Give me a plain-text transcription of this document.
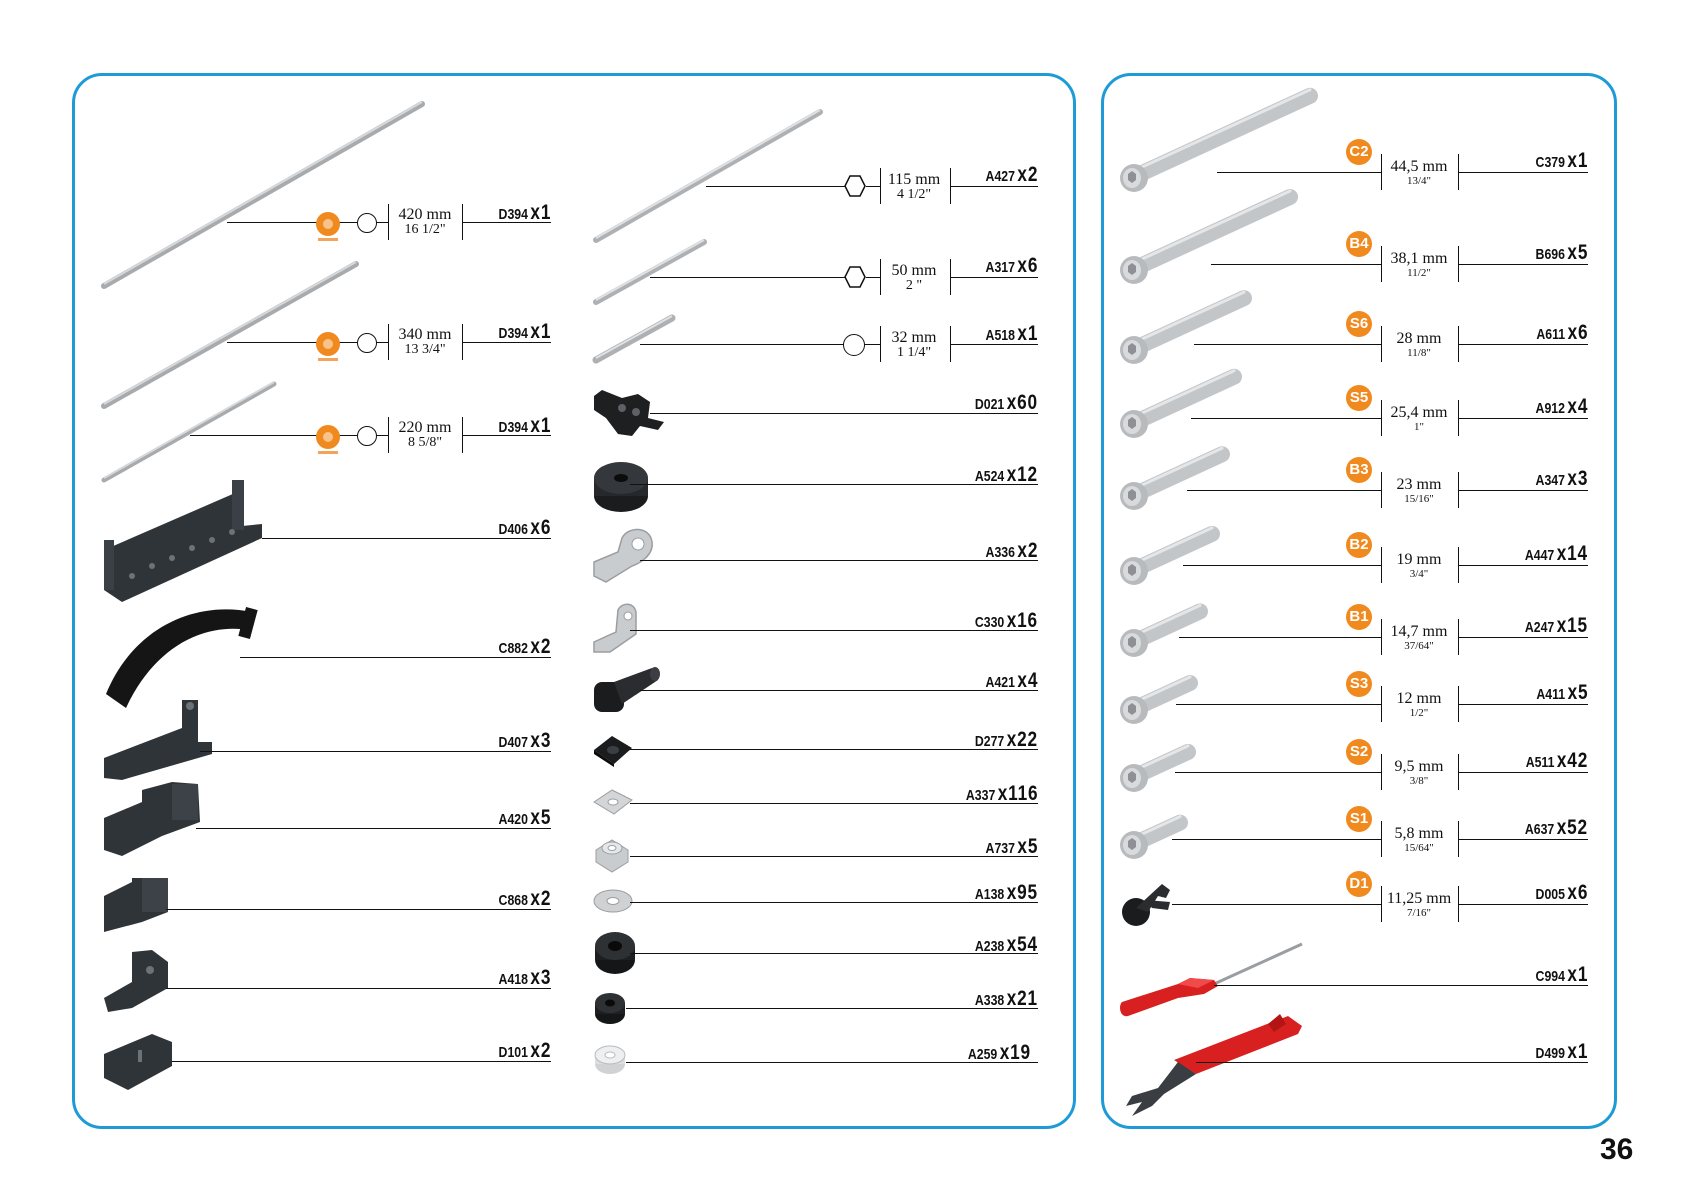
420 mm
16 1/2"
D394 x1
340 mm
13 3/4"
D394 x1
220 mm
8 5/8"
D394 x1
D406 x6
C882 x2
D407 x3
A420 x5
C868 x2
A418 x3
D101 x2
115 mm
4 1/2"
A427 x2
50 mm
2 "
A317 x6
32 mm
1 1/4"
A518 x1
D021 x60
A524 x12
A336 x2
C330 x16
A421 x4
D277 x22
A337 x116
A737 x5
A138 x95
A238 x54
A338 x21
A259 x19
C2
44,5 mm
13/4"
C379 x1
B4
38,1 mm
11/2"
B696 x5
S6
28 mm
11/8"
A611 x6
S5
25,4 mm
1"
A912 x4
B3
23 mm
15/16"
A347 x3
B2
19 mm
3/4"
A447 x14
B1
14,7 mm
37/64"
A247 x15
S3
12 mm
1/2"
A411 x5
S2
9,5 mm
3/8"
A511 x42
S1
5,8 mm
15/64"
A637 x52
D1
11,25 mm
7/16"
D005 x6
C994 x1
D499 x1
36
